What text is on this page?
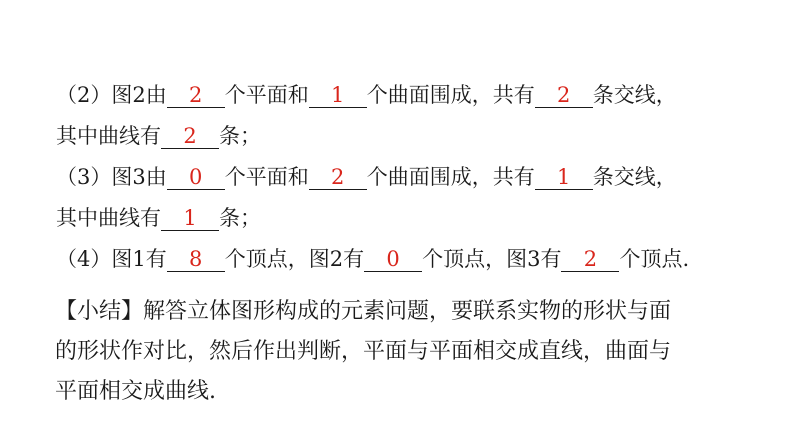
（2）图2由 2 个平面和 1 个曲面围成，共有 2 条交线，
其中曲线有 2 条；
（3）图3由 0 个平面和 2 个曲面围成，共有 1 条交线，
其中曲线有 1 条；
（4）图1有 8 个顶点，图2有 0 个顶点，图3有 2 个顶点.
【小结】解答立体图形构成的元素问题，要联系实物的形状与面
的形状作对比，然后作出判断，平面与平面相交成直线，曲面与
平面相交成曲线.
